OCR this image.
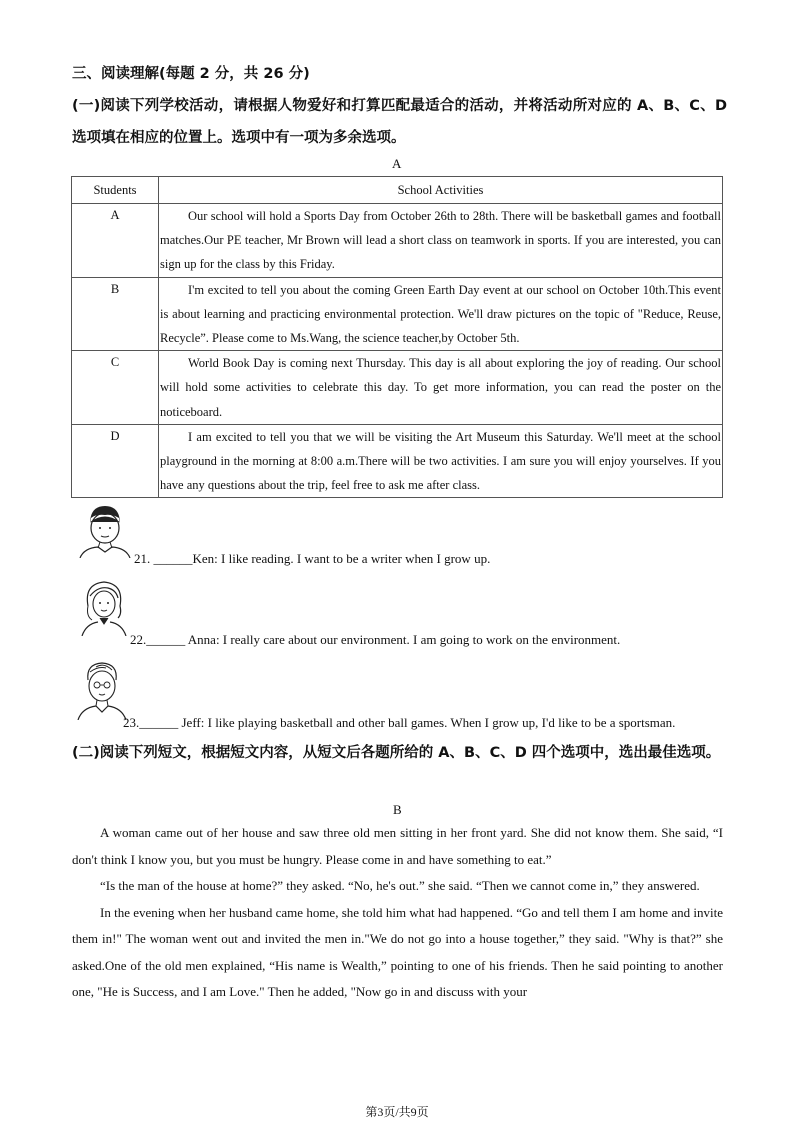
三、阅读理解(每题 2 分，共 26 分)
(一)阅读下列学校活动，请根据人物爱好和打算匹配最适合的活动，并将活动所对应的 A、B、C、D 选项填在相应的位置上。选项中有一项为多余选项。
A
Students	School Activities

A	Our school will hold a Sports Day from October 26th to 28th. There will be basketball games and football matches.Our PE teacher, Mr Brown will lead a short class on teamwork in sports. If you are interested, you can sign up for the class by this Friday.

B	I'm excited to tell you about the coming Green Earth Day event at our school on October 10th.This event is about learning and practicing environmental protection. We'll draw pictures on the topic of "Reduce, Reuse, Recycle”. Please come to Ms.Wang, the science teacher,by October 5th.

C	World Book Day is coming next Thursday. This day is all about exploring the joy of reading. Our school will hold some activities to celebrate this day. To get more information, you can read the poster on the noticeboard.

D	I am excited to tell you that we will be visiting the Art Museum this Saturday. We'll meet at the school playground in the morning at 8:00 a.m.There will be two activities. I am sure you will enjoy yourselves. If you have any questions about the trip, feel free to ask me after class.
21. ______Ken: I like reading. I want to be a writer when I grow up.
22.______ Anna: I really care about our environment. I am going to work on the environment.
23.______ Jeff: I like playing basketball and other ball games. When I grow up, I'd like to be a sportsman.
(二)阅读下列短文，根据短文内容，从短文后各题所给的 A、B、C、D 四个选项中，选出最佳选项。
B

A woman came out of her house and saw three old men sitting in her front yard. She did not know them. She said, “I don't think I know you, but you must be hungry. Please come in and have something to eat.”

“Is the man of the house at home?” they asked. “No, he's out.” she said. “Then we cannot come in,” they answered.

In the evening when her husband came home, she told him what had happened. “Go and tell them I am home and invite them in!" The woman went out and invited the men in."We do not go into a house together,” they said. "Why is that?” she asked.One of the old men explained, “His name is Wealth,” pointing to one of his friends. Then he said pointing to another one, "He is Success, and I am Love." Then he added, "Now go in and discuss with your

第3页/共9页
